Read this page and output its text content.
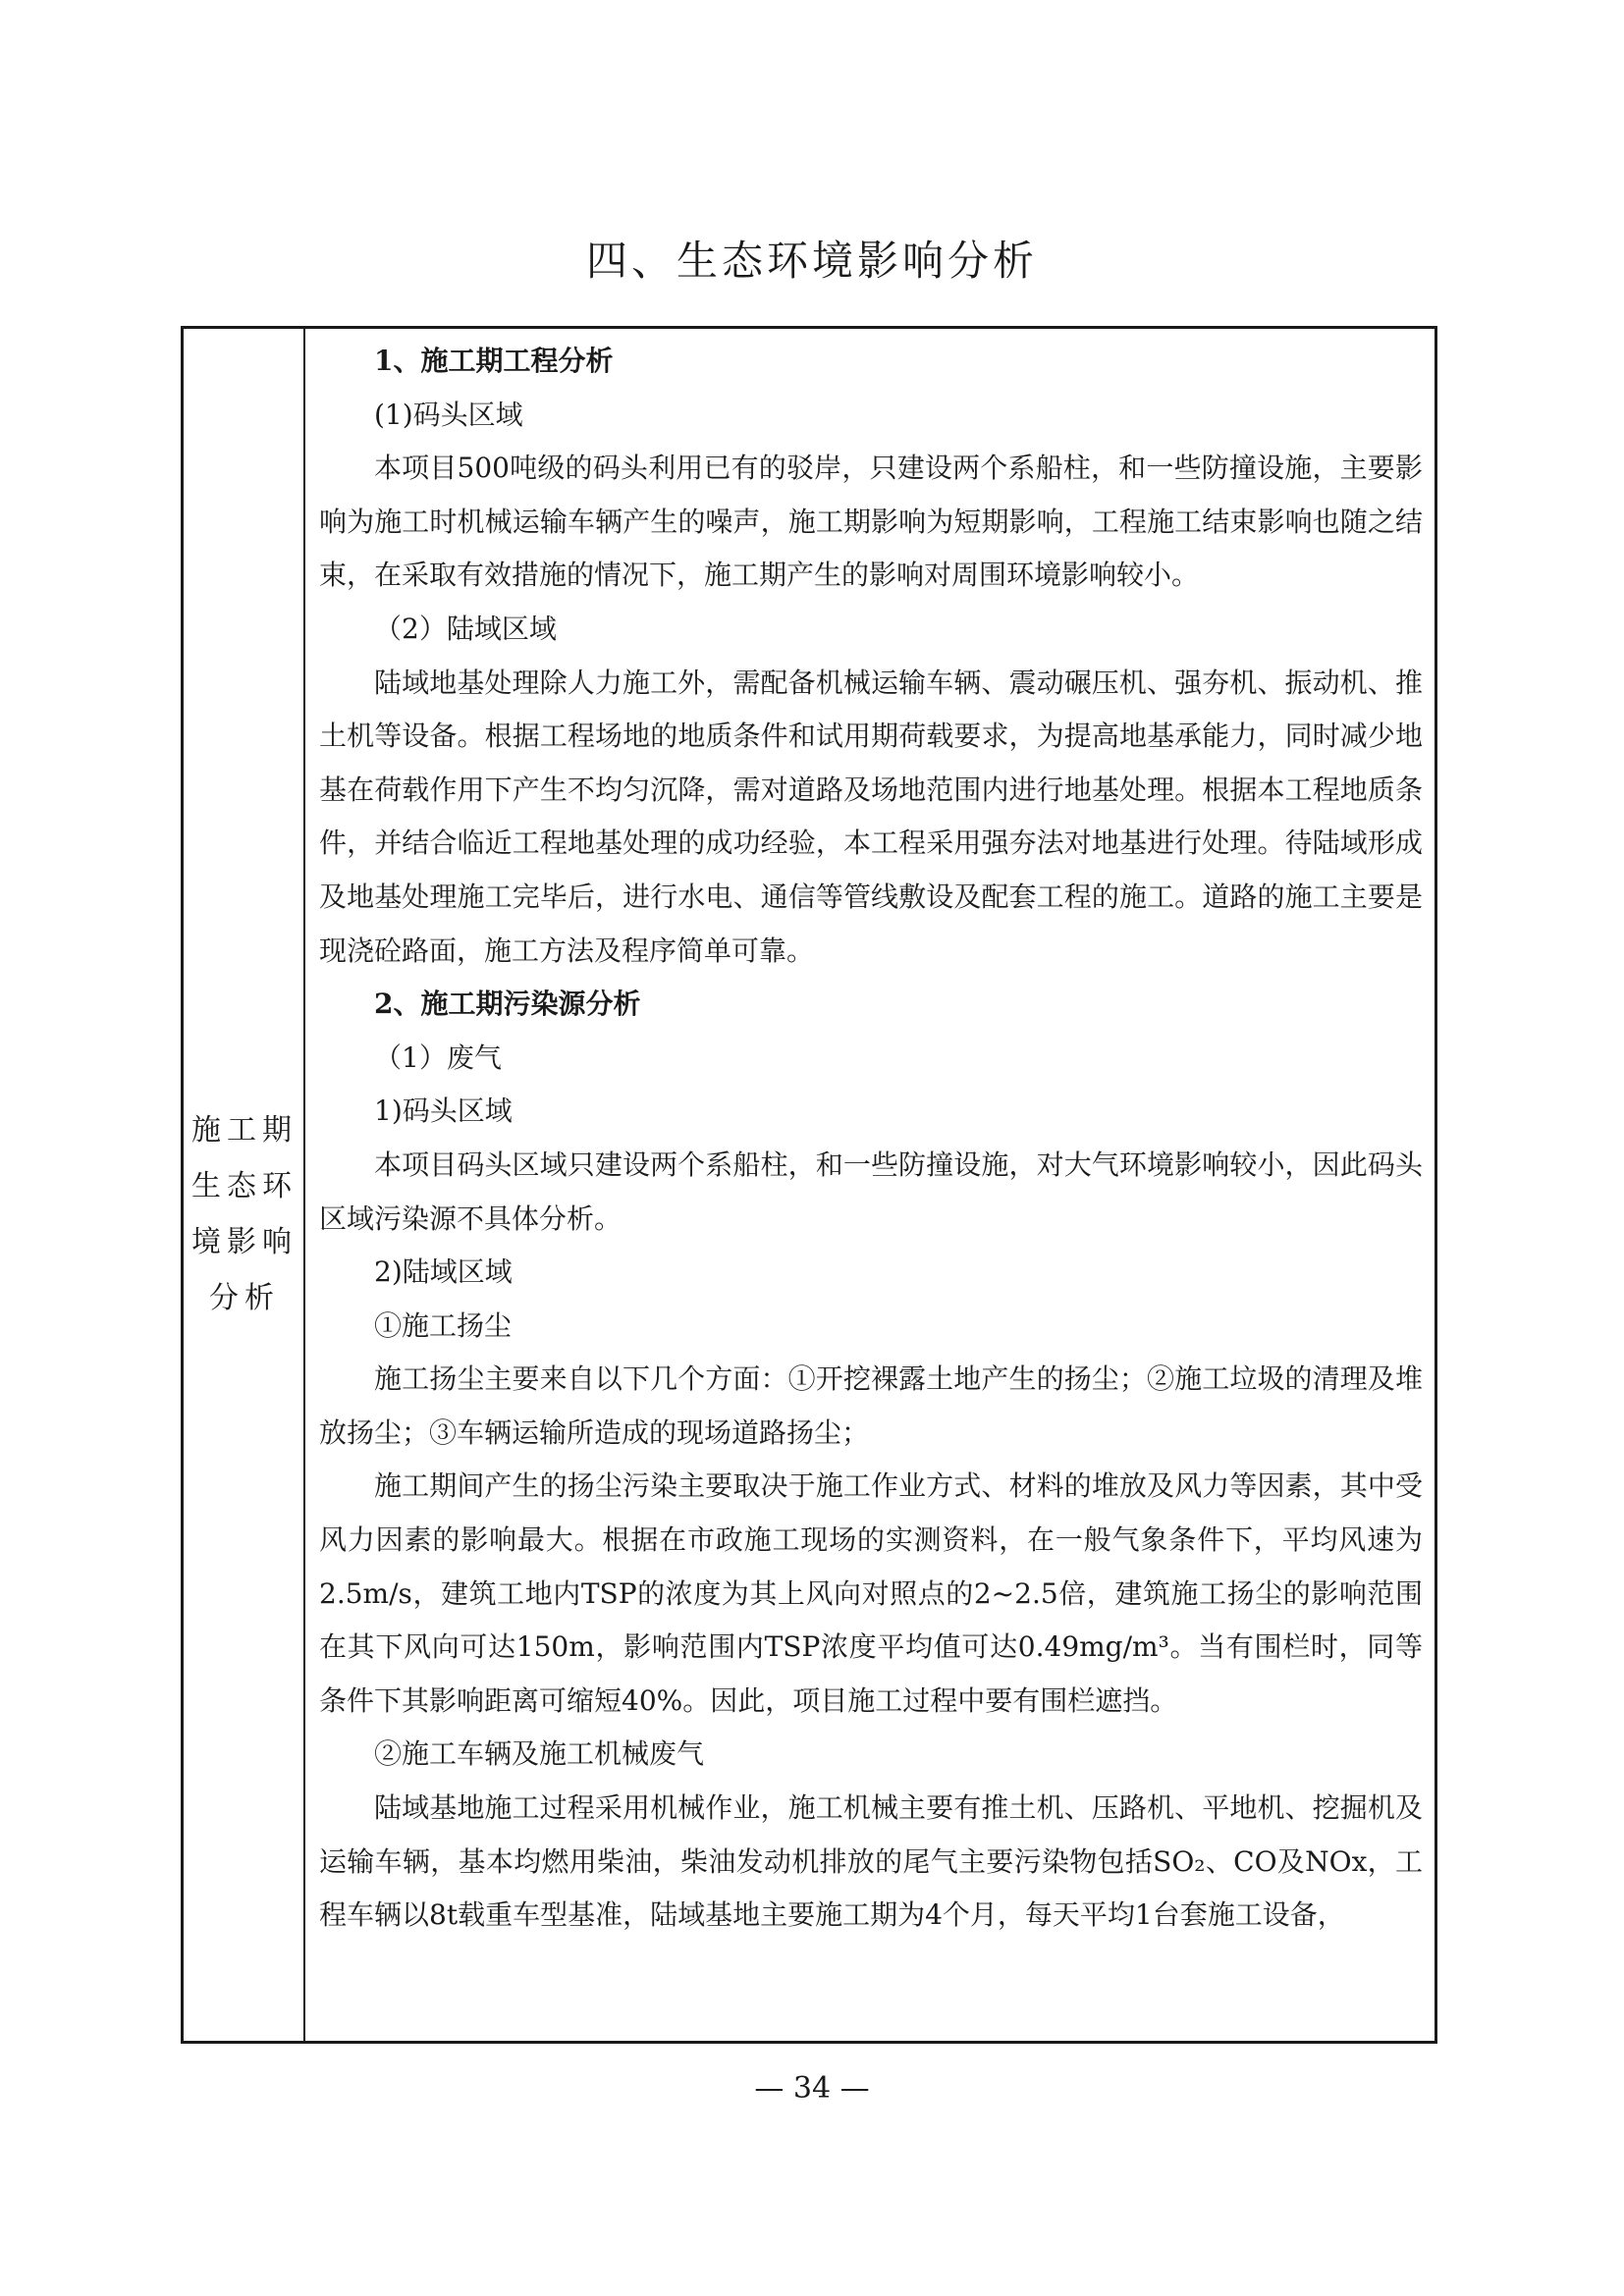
四、生态环境影响分析
施工期生态环境影响分析

1、施工期工程分析

(1)码头区域

本项目500吨级的码头利用已有的驳岸，只建设两个系船柱，和一些防撞设施，主要影响为施工时机械运输车辆产生的噪声，施工期影响为短期影响，工程施工结束影响也随之结束，在采取有效措施的情况下，施工期产生的影响对周围环境影响较小。

（2）陆域区域

陆域地基处理除人力施工外，需配备机械运输车辆、震动碾压机、强夯机、振动机、推土机等设备。根据工程场地的地质条件和试用期荷载要求，为提高地基承能力，同时减少地基在荷载作用下产生不均匀沉降，需对道路及场地范围内进行地基处理。根据本工程地质条件，并结合临近工程地基处理的成功经验，本工程采用强夯法对地基进行处理。待陆域形成及地基处理施工完毕后，进行水电、通信等管线敷设及配套工程的施工。道路的施工主要是现浇砼路面，施工方法及程序简单可靠。

2、施工期污染源分析

（1）废气

1)码头区域

本项目码头区域只建设两个系船柱，和一些防撞设施，对大气环境影响较小，因此码头区域污染源不具体分析。

2)陆域区域

①施工扬尘

施工扬尘主要来自以下几个方面：①开挖裸露土地产生的扬尘；②施工垃圾的清理及堆放扬尘；③车辆运输所造成的现场道路扬尘；

施工期间产生的扬尘污染主要取决于施工作业方式、材料的堆放及风力等因素，其中受风力因素的影响最大。根据在市政施工现场的实测资料，在一般气象条件下，平均风速为2.5m/s，建筑工地内TSP的浓度为其上风向对照点的2~2.5倍，建筑施工扬尘的影响范围在其下风向可达150m，影响范围内TSP浓度平均值可达0.49mg/m³。当有围栏时，同等条件下其影响距离可缩短40%。因此，项目施工过程中要有围栏遮挡。

②施工车辆及施工机械废气

陆域基地施工过程采用机械作业，施工机械主要有推土机、压路机、平地机、挖掘机及运输车辆，基本均燃用柴油，柴油发动机排放的尾气主要污染物包括SO₂、CO及NOx，工程车辆以8t载重车型基准，陆域基地主要施工期为4个月，每天平均1台套施工设备，

— 34 —
